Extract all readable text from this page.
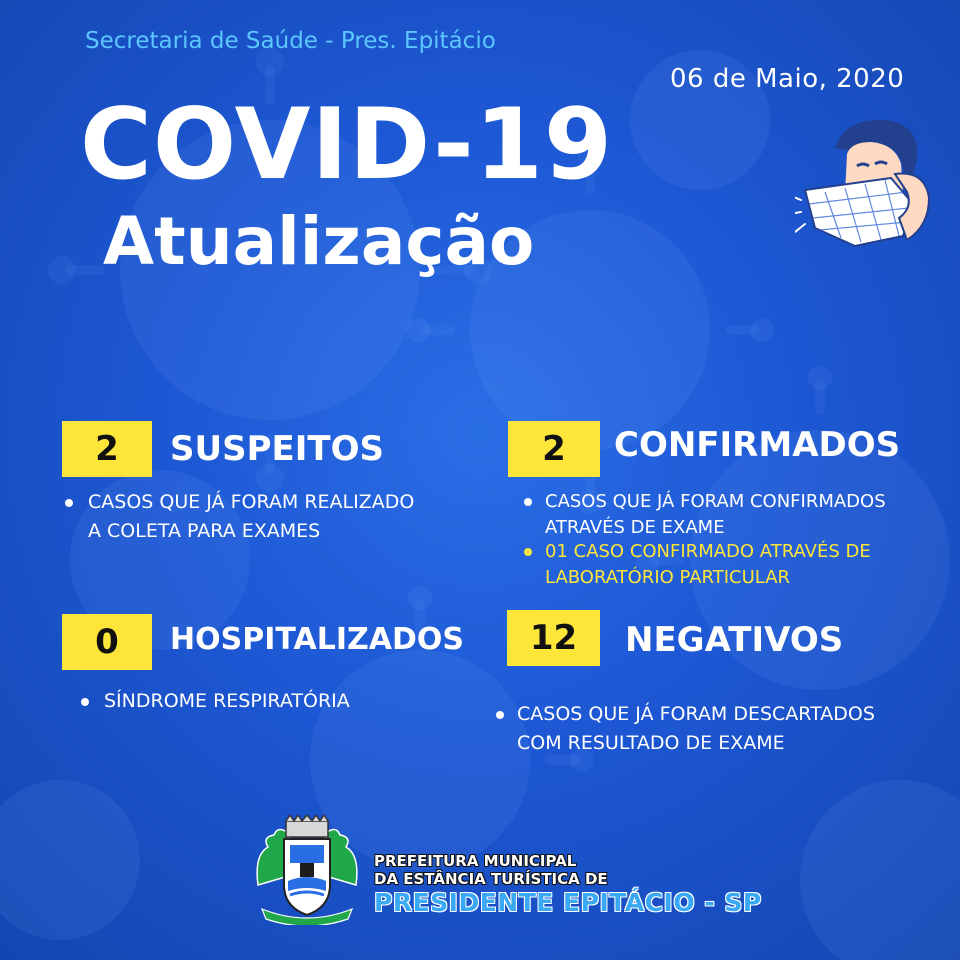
Secretaria de Saúde - Pres. Epitácio
06 de Maio, 2020
COVID-19
Atualização
2 SUSPEITOS
CASOS QUE JÁ FORAM REALIZADO
A COLETA PARA EXAMES
2 CONFIRMADOS
CASOS QUE JÁ FORAM CONFIRMADOS
ATRAVÉS DE EXAME
01 CASO CONFIRMADO ATRAVÉS DE
LABORATÓRIO PARTICULAR
0 HOSPITALIZADOS
SÍNDROME RESPIRATÓRIA
12 NEGATIVOS
CASOS QUE JÁ FORAM DESCARTADOS
COM RESULTADO DE EXAME
PREFEITURA MUNICIPAL
DA ESTÂNCIA TURÍSTICA DE
PRESIDENTE EPITÁCIO - SP
